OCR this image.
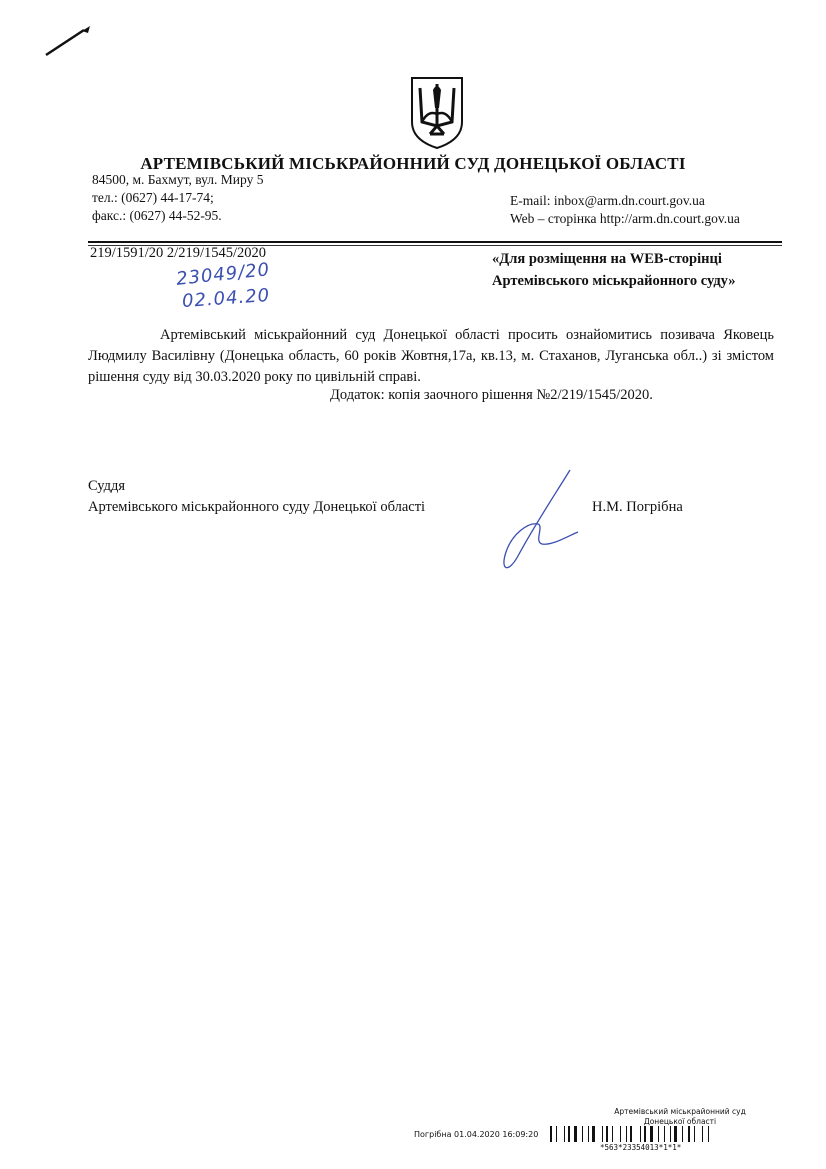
АРТЕМІВСЬКИЙ МІСЬКРАЙОННИЙ СУД ДОНЕЦЬКОЇ ОБЛАСТІ
84500, м. Бахмут, вул. Миру 5
тел.: (0627) 44-17-74;
факс.: (0627) 44-52-95.
E-mail: inbox@arm.dn.court.gov.ua
Web – сторінка http://arm.dn.court.gov.ua
219/1591/20 2/219/1545/2020
23049/20
02.04.20
«Для розміщення на WEB-сторінці
Артемівського міськрайонного суду»
Артемівський міськрайонний суд Донецької області просить ознайомитись позивача Яковець Людмилу Василівну (Донецька область, 60 років Жовтня,17а, кв.13, м. Стаханов, Луганська обл..) зі змістом рішення суду від 30.03.2020 року по цивільній справі.
Додаток: копія заочного рішення №2/219/1545/2020.
Суддя
Артемівського міськрайонного суду Донецької області	Н.М. Погрібна
Артемівський міськрайонний суд
Донецької області
Погрібна 01.04.2020 16:09:20
*563*23354013*1*1*
